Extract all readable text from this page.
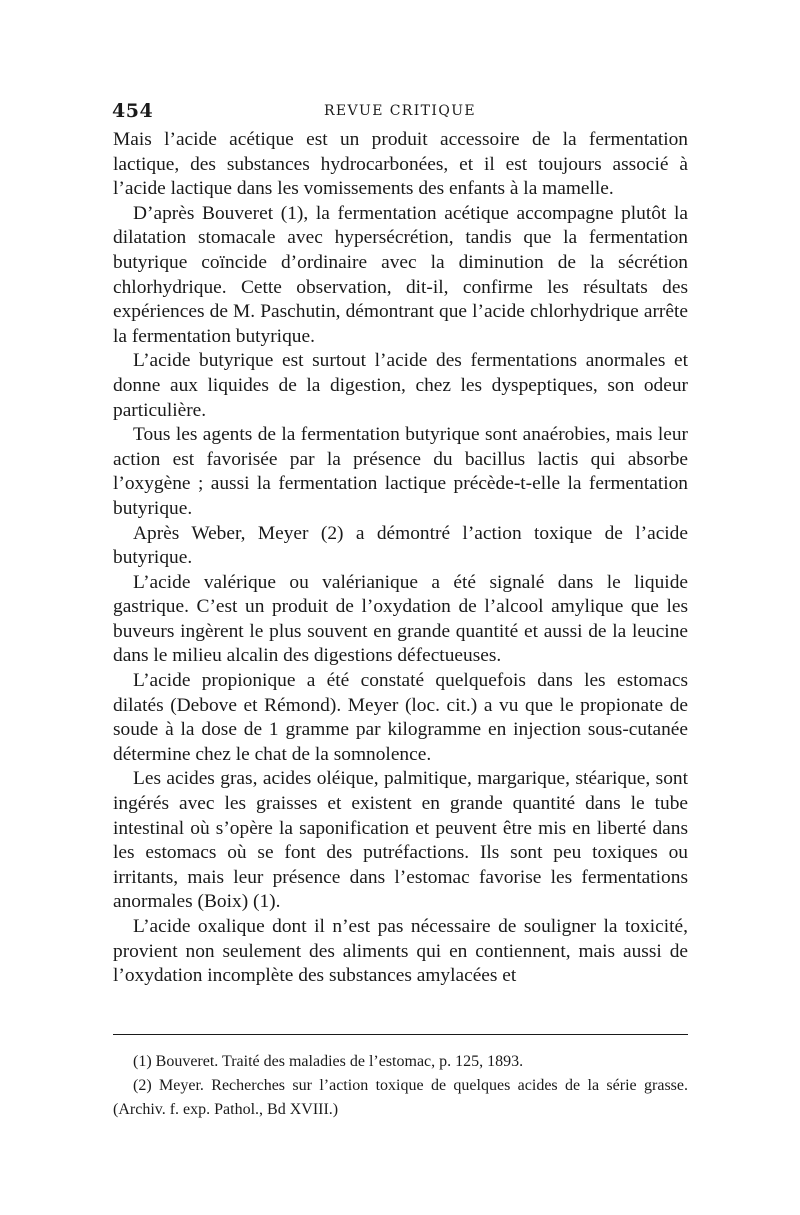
454	REVUE CRITIQUE

Mais l’acide acétique est un produit accessoire de la fermentation lactique, des substances hydrocarbonées, et il est toujours associé à l’acide lactique dans les vomissements des enfants à la mamelle.

D’après Bouveret (1), la fermentation acétique accompagne plutôt la dilatation stomacale avec hypersécrétion, tandis que la fermentation butyrique coïncide d’ordinaire avec la diminution de la sécrétion chlorhydrique. Cette observation, dit-il, confirme les résultats des expériences de M. Paschutin, démontrant que l’acide chlorhydrique arrête la fermentation butyrique.

L’acide butyrique est surtout l’acide des fermentations anormales et donne aux liquides de la digestion, chez les dyspeptiques, son odeur particulière.

Tous les agents de la fermentation butyrique sont anaérobies, mais leur action est favorisée par la présence du bacillus lactis qui absorbe l’oxygène ; aussi la fermentation lactique précède-t-elle la fermentation butyrique.

Après Weber, Meyer (2) a démontré l’action toxique de l’acide butyrique.

L’acide valérique ou valérianique a été signalé dans le liquide gastrique. C’est un produit de l’oxydation de l’alcool amylique que les buveurs ingèrent le plus souvent en grande quantité et aussi de la leucine dans le milieu alcalin des digestions défectueuses.

L’acide propionique a été constaté quelquefois dans les estomacs dilatés (Debove et Rémond). Meyer (loc. cit.) a vu que le propionate de soude à la dose de 1 gramme par kilogramme en injection sous-cutanée détermine chez le chat de la somnolence.

Les acides gras, acides oléique, palmitique, margarique, stéarique, sont ingérés avec les graisses et existent en grande quantité dans le tube intestinal où s’opère la saponification et peuvent être mis en liberté dans les estomacs où se font des putréfactions. Ils sont peu toxiques ou irritants, mais leur présence dans l’estomac favorise les fermentations anormales (Boix) (1).

L’acide oxalique dont il n’est pas nécessaire de souligner la toxicité, provient non seulement des aliments qui en contiennent, mais aussi de l’oxydation incomplète des substances amylacées et

(1) Bouveret. Traité des maladies de l’estomac, p. 125, 1893.

(2) Meyer. Recherches sur l’action toxique de quelques acides de la série grasse. (Archiv. f. exp. Pathol., Bd XVIII.)
